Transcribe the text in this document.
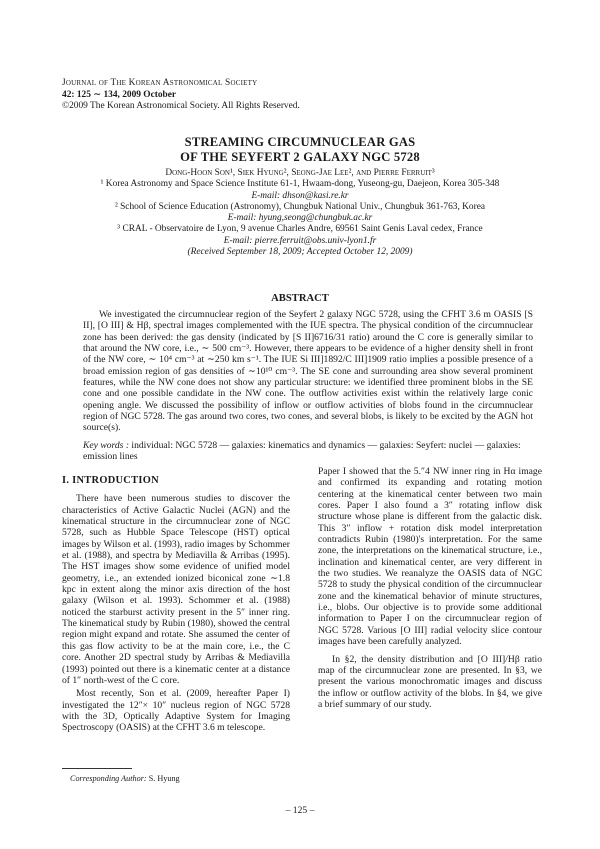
Journal of The Korean Astronomical Society
42: 125 ∼ 134, 2009 October
©2009 The Korean Astronomical Society. All Rights Reserved.
STREAMING CIRCUMNUCLEAR GAS
OF THE SEYFERT 2 GALAXY NGC 5728
Dong-Hoon Son¹, Siek Hyung², Seong-Jae Lee², and Pierre Ferruit³
¹ Korea Astronomy and Space Science Institute 61-1, Hwaam-dong, Yuseong-gu, Daejeon, Korea 305-348
E-mail: dhson@kasi.re.kr
² School of Science Education (Astronomy), Chungbuk National Univ., Chungbuk 361-763, Korea
E-mail: hyung,seong@chungbuk.ac.kr
³ CRAL - Observatoire de Lyon, 9 avenue Charles Andre, 69561 Saint Genis Laval cedex, France
E-mail: pierre.ferruit@obs.univ-lyon1.fr
(Received September 18, 2009; Accepted October 12, 2009)
ABSTRACT
We investigated the circumnuclear region of the Seyfert 2 galaxy NGC 5728, using the CFHT 3.6 m OASIS [S II], [O III] & Hβ, spectral images complemented with the IUE spectra. The physical condition of the circumnuclear zone has been derived: the gas density (indicated by [S II]6716/31 ratio) around the C core is generally similar to that around the NW core, i.e., ∼ 500 cm⁻³. However, there appears to be evidence of a higher density shell in front of the NW core, ∼ 10⁴ cm⁻³ at ∼250 km s⁻¹. The IUE Si III]1892/C III]1909 ratio implies a possible presence of a broad emission region of gas densities of ∼10¹⁰ cm⁻³. The SE cone and surrounding area show several prominent features, while the NW cone does not show any particular structure: we identified three prominent blobs in the SE cone and one possible candidate in the NW cone. The outflow activities exist within the relatively large conic opening angle. We discussed the possibility of inflow or outflow activities of blobs found in the circumnuclear region of NGC 5728. The gas around two cores, two cones, and several blobs, is likely to be excited by the AGN hot source(s).
Key words : individual: NGC 5728 — galaxies: kinematics and dynamics — galaxies: Seyfert: nuclei — galaxies: emission lines
I. INTRODUCTION

There have been numerous studies to discover the characteristics of Active Galactic Nuclei (AGN) and the kinematical structure in the circumnuclear zone of NGC 5728, such as Hubble Space Telescope (HST) optical images by Wilson et al. (1993), radio images by Schommer et al. (1988), and spectra by Mediavilla & Arribas (1995). The HST images show some evidence of unified model geometry, i.e., an extended ionized biconical zone ∼1.8 kpc in extent along the minor axis direction of the host galaxy (Wilson et al. 1993). Schommer et al. (1988) noticed the starburst activity present in the 5″ inner ring. The kinematical study by Rubin (1980), showed the central region might expand and rotate. She assumed the center of this gas flow activity to be at the main core, i.e., the C core. Another 2D spectral study by Arribas & Mediavilla (1993) pointed out there is a kinematic center at a distance of 1″ north-west of the C core.

Most recently, Son et al. (2009, hereafter Paper I) investigated the 12″× 10″ nucleus region of NGC 5728 with the 3D, Optically Adaptive System for Imaging Spectroscopy (OASIS) at the CFHT 3.6 m telescope.

Paper I showed that the 5.″4 NW inner ring in Hα image and confirmed its expanding and rotating motion centering at the kinematical center between two main cores. Paper I also found a 3″ rotating inflow disk structure whose plane is different from the galactic disk. This 3″ inflow + rotation disk model interpretation contradicts Rubin (1980)'s interpretation. For the same zone, the interpretations on the kinematical structure, i.e., inclination and kinematical center, are very different in the two studies. We reanalyze the OASIS data of NGC 5728 to study the physical condition of the circumnuclear zone and the kinematical behavior of minute structures, i.e., blobs. Our objective is to provide some additional information to Paper I on the circumnuclear region of NGC 5728. Various [O III] radial velocity slice contour images have been carefully analyzed.

In §2, the density distribution and [O III]/Hβ ratio map of the circumnuclear zone are presented. In §3, we present the various monochromatic images and discuss the inflow or outflow activity of the blobs. In §4, we give a brief summary of our study.

Corresponding Author: S. Hyung
– 125 –
